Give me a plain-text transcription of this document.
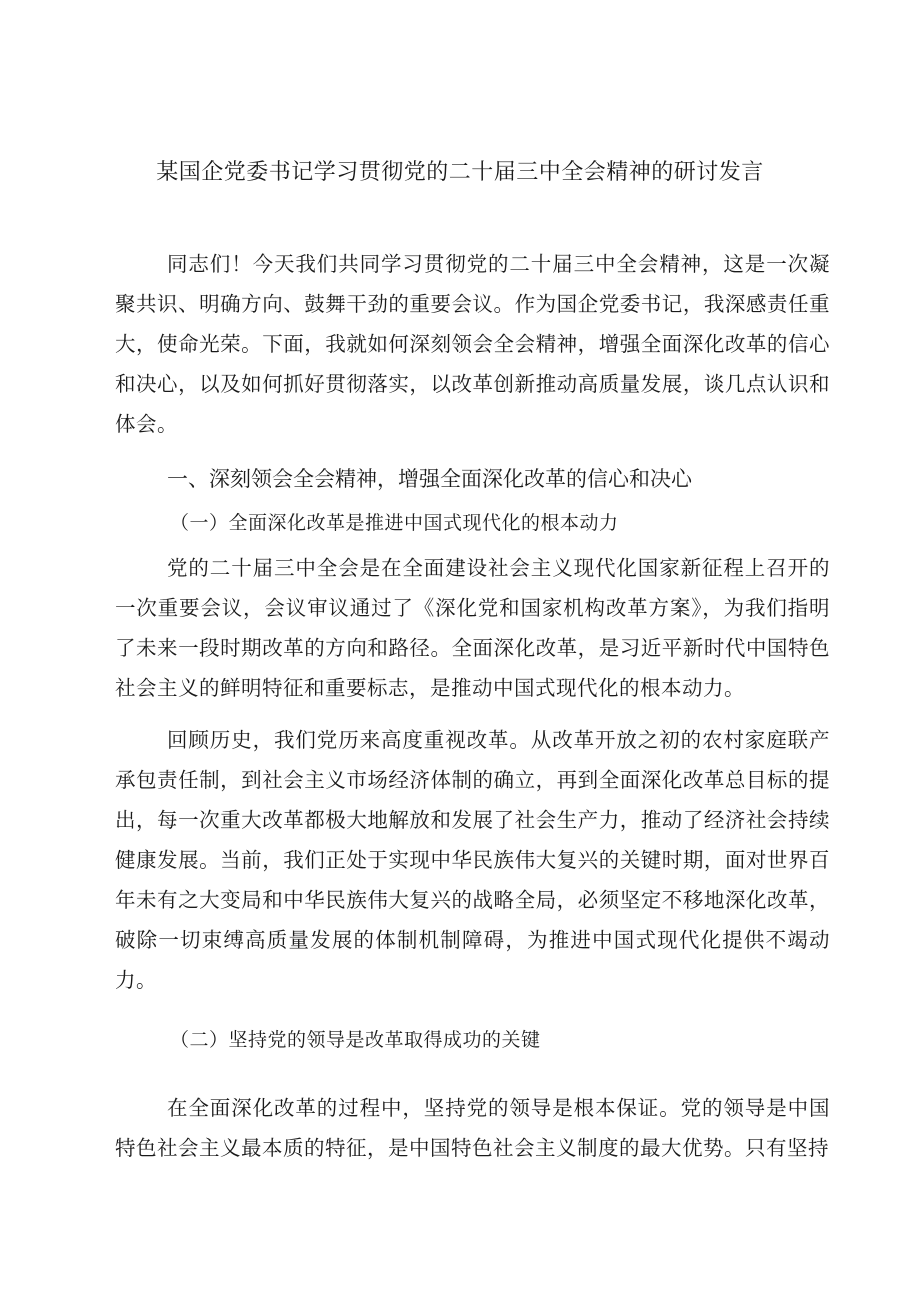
某国企党委书记学习贯彻党的二十届三中全会精神的研讨发言

同志们！今天我们共同学习贯彻党的二十届三中全会精神，这是一次凝聚共识、明确方向、鼓舞干劲的重要会议。作为国企党委书记，我深感责任重大，使命光荣。下面，我就如何深刻领会全会精神，增强全面深化改革的信心和决心，以及如何抓好贯彻落实，以改革创新推动高质量发展，谈几点认识和体会。

一、深刻领会全会精神，增强全面深化改革的信心和决心
（一）全面深化改革是推进中国式现代化的根本动力

党的二十届三中全会是在全面建设社会主义现代化国家新征程上召开的一次重要会议，会议审议通过了《深化党和国家机构改革方案》，为我们指明了未来一段时期改革的方向和路径。全面深化改革，是习近平新时代中国特色社会主义的鲜明特征和重要标志，是推动中国式现代化的根本动力。

回顾历史，我们党历来高度重视改革。从改革开放之初的农村家庭联产承包责任制，到社会主义市场经济体制的确立，再到全面深化改革总目标的提出，每一次重大改革都极大地解放和发展了社会生产力，推动了经济社会持续健康发展。当前，我们正处于实现中华民族伟大复兴的关键时期，面对世界百年未有之大变局和中华民族伟大复兴的战略全局，必须坚定不移地深化改革，破除一切束缚高质量发展的体制机制障碍，为推进中国式现代化提供不竭动力。

（二）坚持党的领导是改革取得成功的关键

在全面深化改革的过程中，坚持党的领导是根本保证。党的领导是中国特色社会主义最本质的特征，是中国特色社会主义制度的最大优势。只有坚持
